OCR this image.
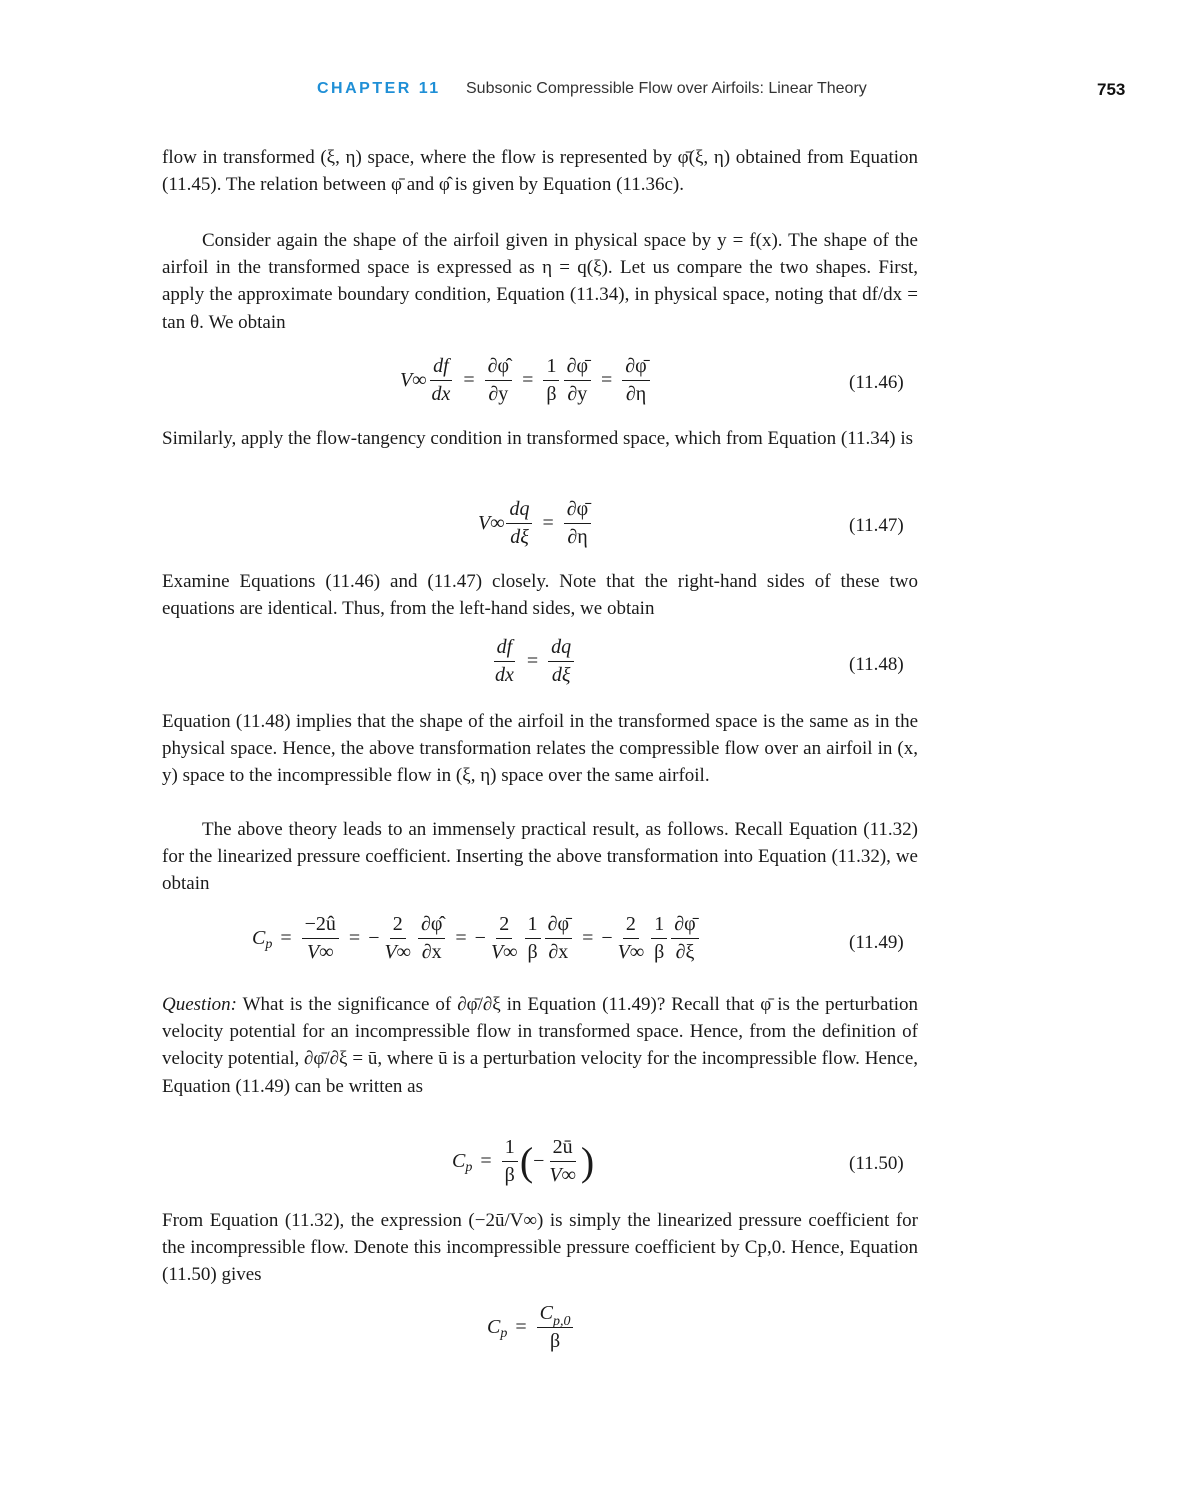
CHAPTER 11 Subsonic Compressible Flow over Airfoils: Linear Theory	753

flow in transformed (ξ, η) space, where the flow is represented by φ̄(ξ, η) obtained from Equation (11.45). The relation between φ̄ and φ̂ is given by Equation (11.36c).

Consider again the shape of the airfoil given in physical space by y = f(x). The shape of the airfoil in the transformed space is expressed as η = q(ξ). Let us compare the two shapes. First, apply the approximate boundary condition, Equation (11.34), in physical space, noting that df/dx = tan θ. We obtain

$V\infty \frac{df}{dx} = \frac{\partial\varphî}{\partial y} = \frac{1}{\beta} \frac{\partial\varphī}{\partial y} = \frac{\partial\varphī}{\partial\eta}$	(11.46)

Similarly, apply the flow-tangency condition in transformed space, which from Equation (11.34) is

$V\infty \frac{dq}{d\xi} = \frac{\partial\varphī}{\partial\eta}$	(11.47)

Examine Equations (11.46) and (11.47) closely. Note that the right-hand sides of these two equations are identical. Thus, from the left-hand sides, we obtain

$\frac{df}{dx} = \frac{dq}{d\xi}$	(11.48)

Equation (11.48) implies that the shape of the airfoil in the transformed space is the same as in the physical space. Hence, the above transformation relates the compressible flow over an airfoil in (x, y) space to the incompressible flow in (ξ, η) space over the same airfoil.

The above theory leads to an immensely practical result, as follows. Recall Equation (11.32) for the linearized pressure coefficient. Inserting the above transformation into Equation (11.32), we obtain

C $p = \frac{-2û}{V\infty}$ = − $\frac{2}{V\infty} \frac{\partial\varphî}{\partial x}$ = − $\frac{2}{V\infty} \frac{1}{\beta} \frac{\partial\varphī}{\partial x}$ = − $\frac{2}{V\infty} \frac{1}{\beta} \frac{\partial\varphī}{\partial\xi}$	(11.49)

Question: What is the significance of ∂φ̄/∂ξ in Equation (11.49)? Recall that φ̄ is the perturbation velocity potential for an incompressible flow in transformed space. Hence, from the definition of velocity potential, ∂φ̄/∂ξ = ū, where ū is a perturbation velocity for the incompressible flow. Hence, Equation (11.49) can be written as

C $p = \frac{1}{\beta}$ ( − $\frac{2ū}{V\infty}$ )	(11.50)

From Equation (11.32), the expression (−2ū/V∞) is simply the linearized pressure coefficient for the incompressible flow. Denote this incompressible pressure coefficient by Cp,0. Hence, Equation (11.50) gives

C $p = \frac{C_{p,0}}{\beta}$
